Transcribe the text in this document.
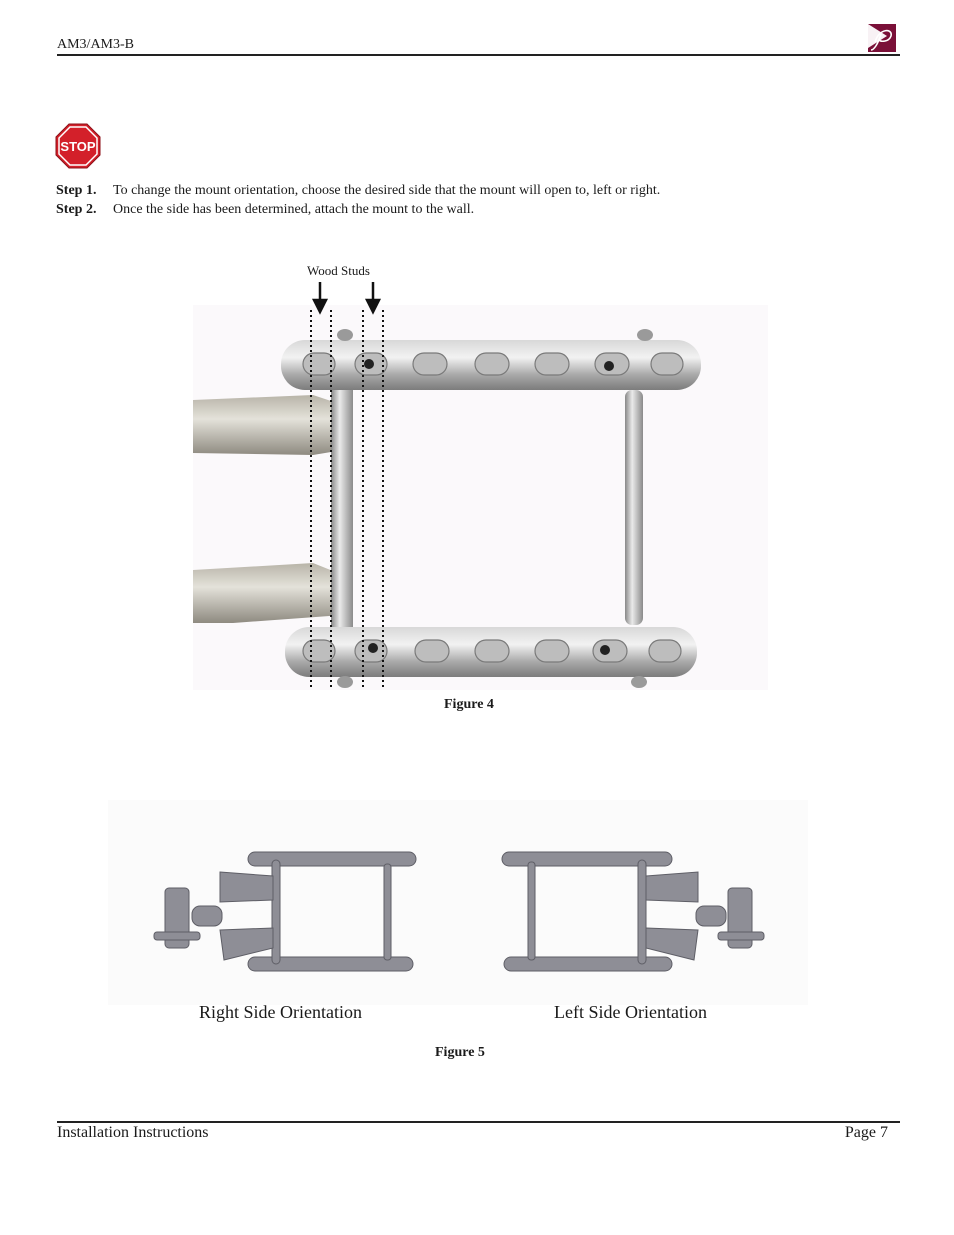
AM3/AM3-B
STOP
Step 1. To change the mount orientation, choose the desired side that the mount will open to, left or right.
Step 2. Once the side has been determined, attach the mount to the wall.
Wood Studs
Figure 4
Right Side Orientation	Left Side Orientation
Figure 5
Installation Instructions	Page 7
